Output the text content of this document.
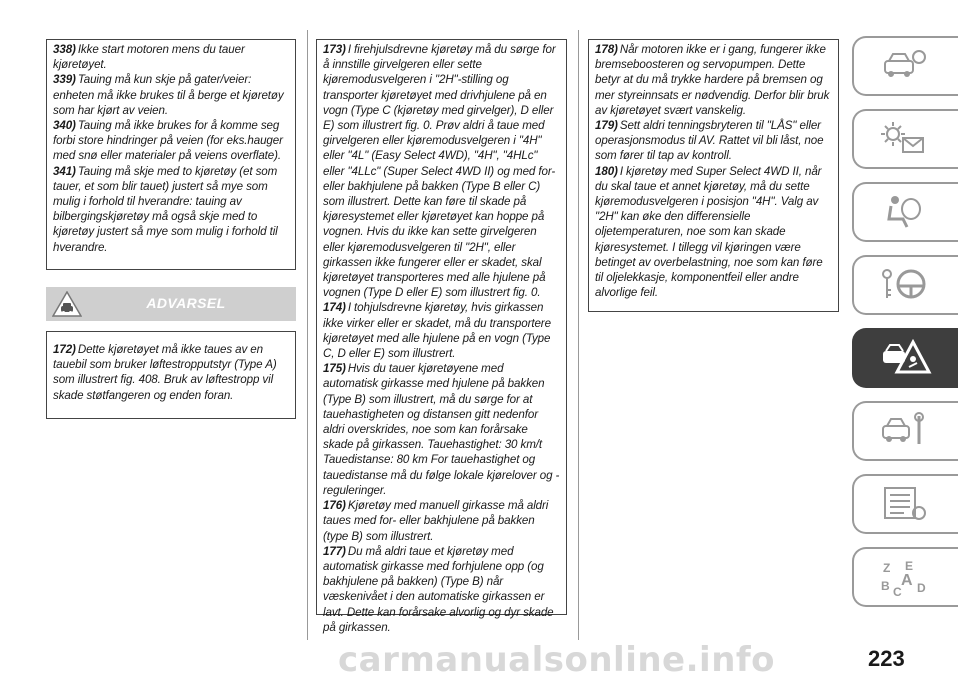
338) Ikke start motoren mens du tauer kjøretøyet.

339) Tauing må kun skje på gater/veier: enheten må ikke brukes til å berge et kjøretøy som har kjørt av veien.

340) Tauing må ikke brukes for å komme seg forbi store hindringer på veien (for eks.hauger med snø eller materialer på veiens overflate).

341) Tauing må skje med to kjøretøy (et som tauer, et som blir tauet) justert så mye som mulig i forhold til hverandre: tauing av bilbergingskjøretøy må også skje med to kjøretøy justert så mye som mulig i forhold til hverandre.

ADVARSEL

172) Dette kjøretøyet må ikke taues av en tauebil som bruker løftestropputstyr (Type A) som illustrert fig. 408. Bruk av løftestropp vil skade støtfangeren og enden foran.

173) I firehjulsdrevne kjøretøy må du sørge for å innstille girvelgeren eller sette kjøremodusvelgeren i "2H"-stilling og transporter kjøretøyet med drivhjulene på en vogn (Type C (kjøretøy med girvelger), D eller E) som illustrert fig. 0. Prøv aldri å taue med girvelgeren eller kjøremodusvelgeren i "4H" eller "4L" (Easy Select 4WD), "4H", "4HLc" eller "4LLc" (Super Select 4WD II) og med for- eller bakhjulene på bakken (Type B eller C) som illustrert. Dette kan føre til skade på kjøresystemet eller kjøretøyet kan hoppe på vognen. Hvis du ikke kan sette girvelgeren eller kjøremodusvelgeren til "2H", eller girkassen ikke fungerer eller er skadet, skal kjøretøyet transporteres med alle hjulene på vognen (Type D eller E) som illustrert fig. 0.

174) I tohjulsdrevne kjøretøy, hvis girkassen ikke virker eller er skadet, må du transportere kjøretøyet med alle hjulene på en vogn (Type C, D eller E) som illustrert.

175) Hvis du tauer kjøretøyene med automatisk girkasse med hjulene på bakken (Type B) som illustrert, må du sørge for at tauehastigheten og distansen gitt nedenfor aldri overskrides, noe som kan forårsake skade på girkassen. Tauehastighet: 30 km/t Tauedistanse: 80 km For tauehastighet og tauedistanse må du følge lokale kjørelover og -reguleringer.

176) Kjøretøy med manuell girkasse må aldri taues med for- eller bakhjulene på bakken (type B) som illustrert.

177) Du må aldri taue et kjøretøy med automatisk girkasse med forhjulene opp (og bakhjulene på bakken) (Type B) når væskenivået i den automatiske girkassen er lavt. Dette kan forårsake alvorlig og dyr skade på girkassen.

178) Når motoren ikke er i gang, fungerer ikke bremseboosteren og servopumpen. Dette betyr at du må trykke hardere på bremsen og mer styreinnsats er nødvendig. Derfor blir bruk av kjøretøyet svært vanskelig.

179) Sett aldri tenningsbryteren til "LÅS" eller operasjonsmodus til AV. Rattet vil bli låst, noe som fører til tap av kontroll.

180) I kjøretøy med Super Select 4WD II, når du skal taue et annet kjøretøy, må du sette kjøremodusvelgeren i posisjon "4H". Valg av "2H" kan øke den differensielle oljetemperaturen, noe som kan skade kjøresystemet. I tillegg vil kjøringen være betinget av overbelastning, noe som kan føre til oljelekkasje, komponentfeil eller andre alvorlige feil.

Z E
B A
C D
223
carmanualsonline.info
